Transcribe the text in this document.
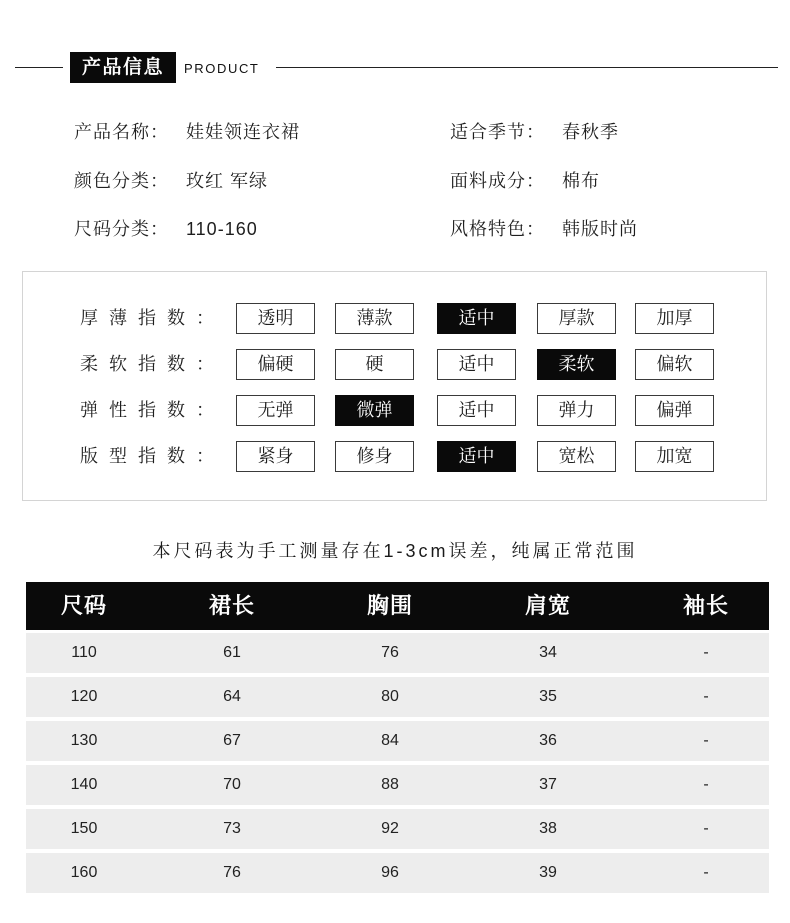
产品信息	PRODUCT
产品名称： 娃娃领连衣裙	适合季节： 春秋季
颜色分类： 玫红 军绿	面料成分： 棉布
尺码分类： 110-160	风格特色： 韩版时尚
厚薄指数：	透明	薄款	适中	厚款	加厚
柔软指数：	偏硬	硬	适中	柔软	偏软
弹性指数：	无弹	微弹	适中	弹力	偏弹
版型指数：	紧身	修身	适中	宽松	加宽
本尺码表为手工测量存在1-3cm误差，纯属正常范围
尺码	裙长	胸围	肩宽	袖长
110	61	76	34	-
120	64	80	35	-
130	67	84	36	-
140	70	88	37	-
150	73	92	38	-
160	76	96	39	-
